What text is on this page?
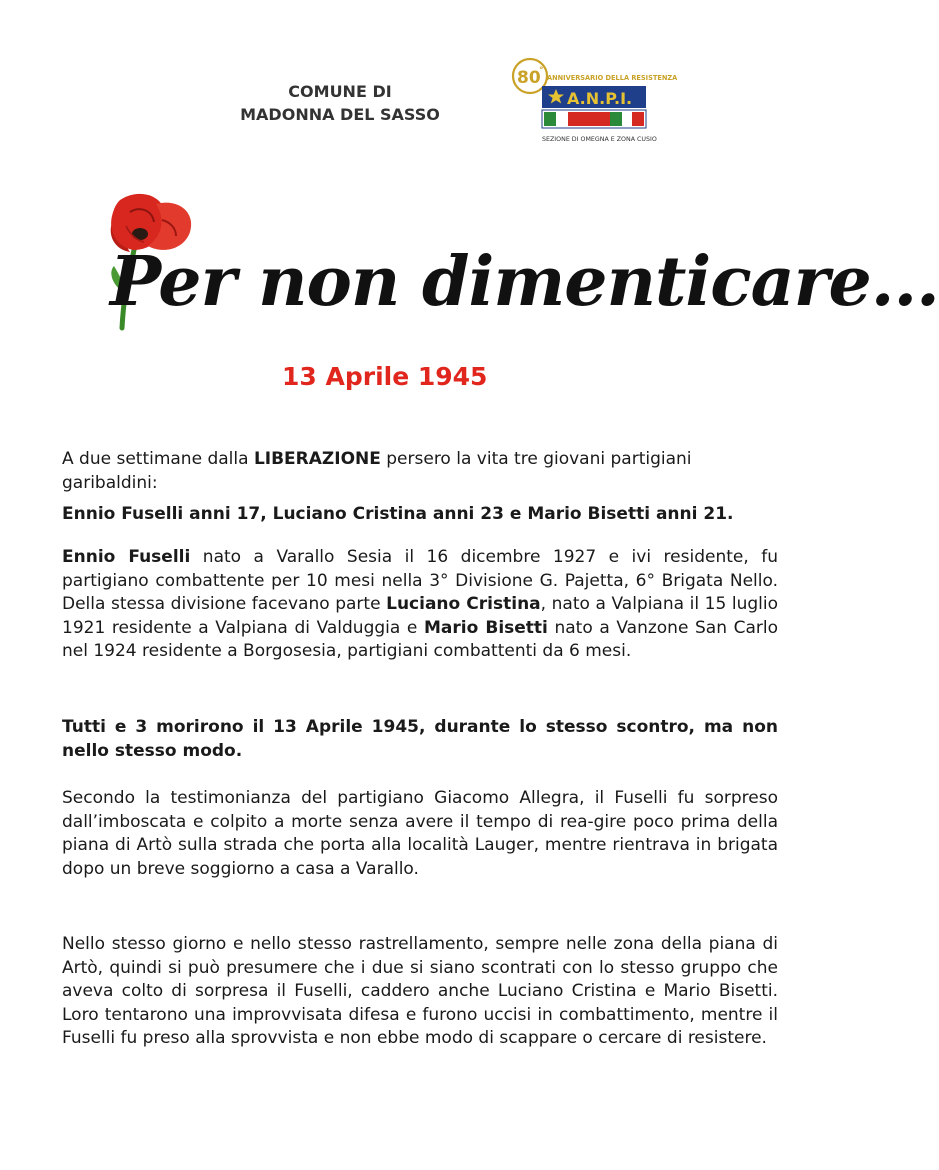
COMUNE DI
MADONNA DEL SASSO
80
°
ANNIVERSARIO DELLA RESISTENZA
A.N.P.I.
SEZIONE DI OMEGNA E ZONA CUSIO
Per non dimenticare...
13 Aprile 1945

A due settimane dalla LIBERAZIONE persero la vita tre giovani partigiani garibaldini:

Ennio Fuselli anni 17, Luciano Cristina anni 23 e Mario Bisetti anni 21.

Ennio Fuselli nato a Varallo Sesia il 16 dicembre 1927 e ivi residente, fu partigiano combattente per 10 mesi nella 3° Divisione G. Pajetta, 6° Brigata Nello. Della stessa divisione facevano parte Luciano Cristina, nato a Valpiana il 15 luglio 1921 residente a Valpiana di Valduggia e Mario Bisetti nato a Vanzone San Carlo nel 1924 residente a Borgosesia, partigiani combattenti da 6 mesi.

Tutti e 3 morirono il 13 Aprile 1945, durante lo stesso scontro, ma non nello stesso modo.

Secondo la testimonianza del partigiano Giacomo Allegra, il Fuselli fu sorpreso dall’imboscata e colpito a morte senza avere il tempo di rea-gire poco prima della piana di Artò sulla strada che porta alla località Lauger, mentre rientrava in brigata dopo un breve soggiorno a casa a Varallo.

Nello stesso giorno e nello stesso rastrellamento, sempre nelle zona della piana di Artò, quindi si può presumere che i due si siano scontrati con lo stesso gruppo che aveva colto di sorpresa il Fuselli, caddero anche Luciano Cristina e Mario Bisetti. Loro tentarono una improvvisata difesa e furono uccisi in combattimento, mentre il Fuselli fu preso alla sprovvista e non ebbe modo di scappare o cercare di resistere.
